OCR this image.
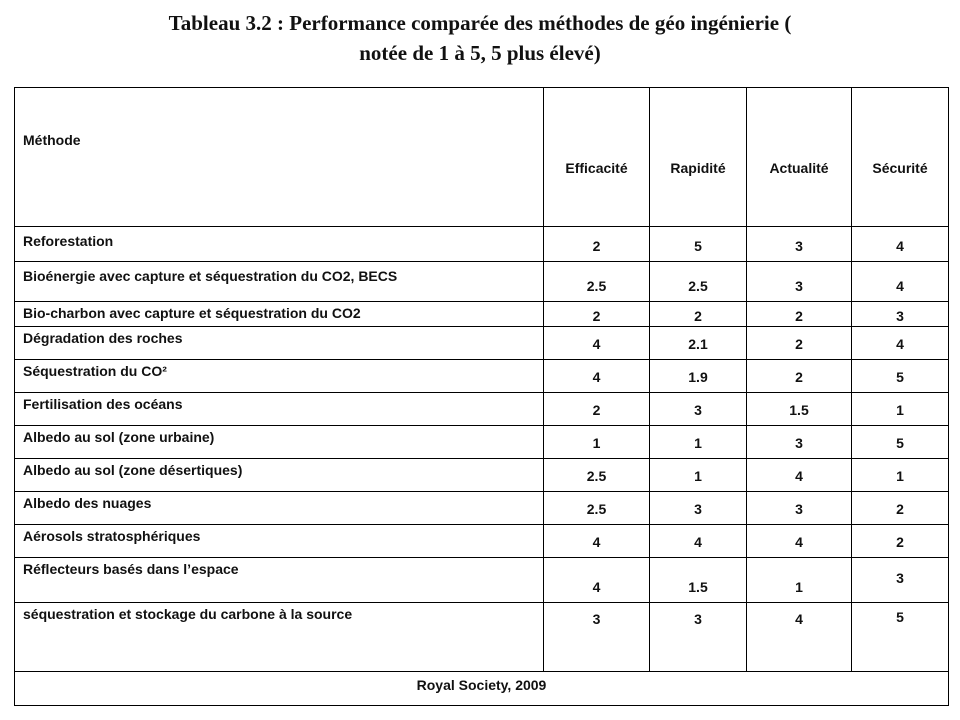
Tableau 3.2 : Performance comparée des méthodes de géo ingénierie (
notée de 1 à 5, 5 plus élevé)
Méthode	Efficacité	Rapidité	Actualité	Sécurité
Reforestation	2	5	3	4
Bioénergie avec capture et séquestration du CO2, BECS	2.5	2.5	3	4
Bio-charbon avec capture et séquestration du CO2	2	2	2	3
Dégradation des roches	4	2.1	2	4
Séquestration du CO²	4	1.9	2	5
Fertilisation des océans	2	3	1.5	1
Albedo au sol (zone urbaine)	1	1	3	5
Albedo au sol (zone désertiques)	2.5	1	4	1
Albedo des nuages	2.5	3	3	2
Aérosols stratosphériques	4	4	4	2
Réflecteurs basés dans l’espace	4	1.5	1	3
séquestration et stockage du carbone à la source	3	3	4	5
Royal Society, 2009				
